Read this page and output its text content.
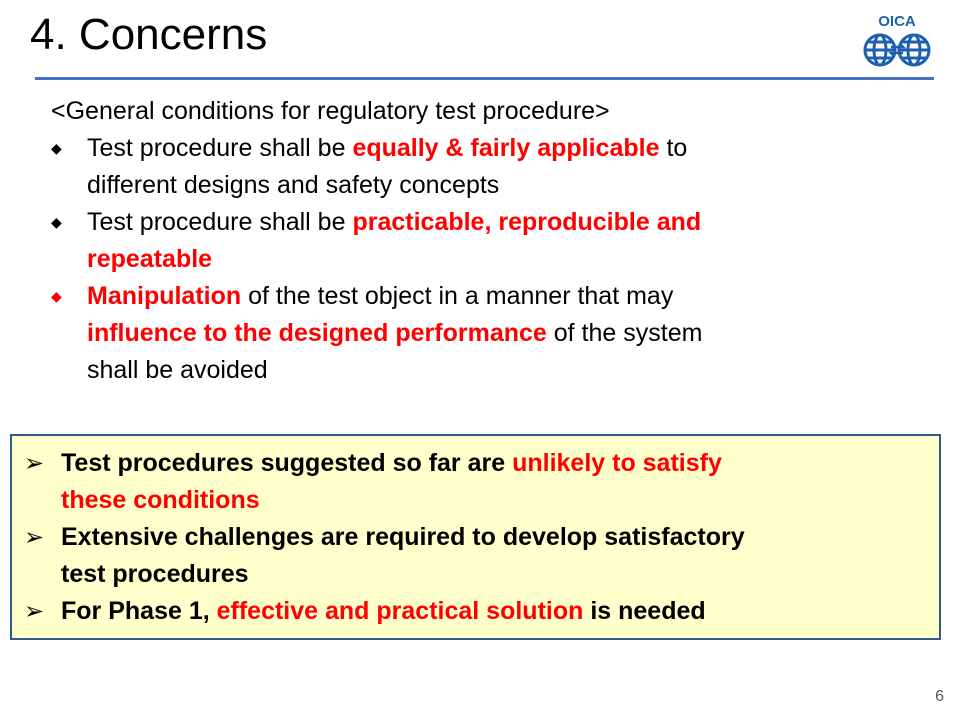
4. Concerns	OICA
<General conditions for regulatory test procedure>
◆	Test procedure shall be equally & fairly applicable to
different designs and safety concepts
◆	Test procedure shall be practicable, reproducible and
repeatable
◆	Manipulation of the test object in a manner that may
influence to the designed performance of the system
shall be avoided
➢ Test procedures suggested so far are unlikely to satisfy
these conditions
➢ Extensive challenges are required to develop satisfactory
test procedures
➢ For Phase 1, effective and practical solution is needed
6
